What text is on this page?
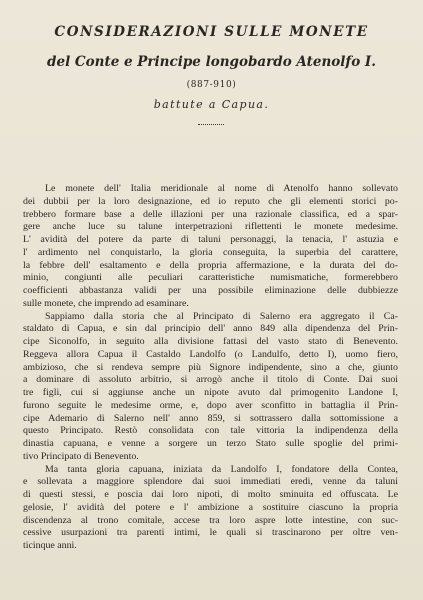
CONSIDERAZIONI SULLE MONETE
del Conte e Principe longobardo Atenolfo I.
(887-910)
battute a Capua.
Le monete dell' Italia meridionale al nome di Atenolfo hanno sollevato
dei dubbii per la loro designazione, ed io reputo che gli elementi storici po-
trebbero formare base a delle illazioni per una razionale classifica, ed a spar-
gere anche luce su talune interpetrazioni riflettenti le monete medesime.
L' avidità del potere da parte di taluni personaggi, la tenacia, l' astuzia e
l' ardimento nel conquistarlo, la gloria conseguita, la superbia del carattere,
la febbre dell' esaltamento e della propria affermazione, e la durata del do-
minio, congiunti alle peculiari caratteristiche numismatiche, formerebbero
coefficienti abbastanza validi per una possibile eliminazione delle dubbiezze
sulle monete, che imprendo ad esaminare.
Sappiamo dalla storia che al Principato di Salerno era aggregato il Ca-
staldato di Capua, e sin dal principio dell' anno 849 alla dipendenza del Prin-
cipe Siconolfo, in seguito alla divisione fattasi del vasto stato di Benevento.
Reggeva allora Capua il Castaldo Landolfo (o Landulfo, detto I), uomo fiero,
ambizioso, che si rendeva sempre più Signore indipendente, sino a che, giunto
a dominare di assoluto arbitrio, si arrogò anche il titolo di Conte. Dai suoi
tre figli, cui si aggiunse anche un nipote avuto dal primogenito Landone I,
furono seguite le medesime orme, e, dopo aver sconfitto in battaglia il Prin-
cipe Ademario di Salerno nell' anno 859, si sottrassero dalla sottomissione a
questo Principato. Restò consolidata con tale vittoria la indipendenza della
dinastia capuana, e venne a sorgere un terzo Stato sulle spoglie del primi-
tivo Principato di Benevento.
Ma tanta gloria capuana, iniziata da Landolfo I, fondatore della Contea,
e sollevata a maggiore splendore dai suoi immediati eredi, venne da taluni
di questi stessi, e poscia dai loro nipoti, di molto sminuita ed offuscata. Le
gelosie, l' avidità del potere e l' ambizione a sostituire ciascuno la propria
discendenza al trono comitale, accese tra loro aspre lotte intestine, con suc-
cessive usurpazioni tra parenti intimi, le quali si trascinarono per oltre ven-
ticinque anni.
